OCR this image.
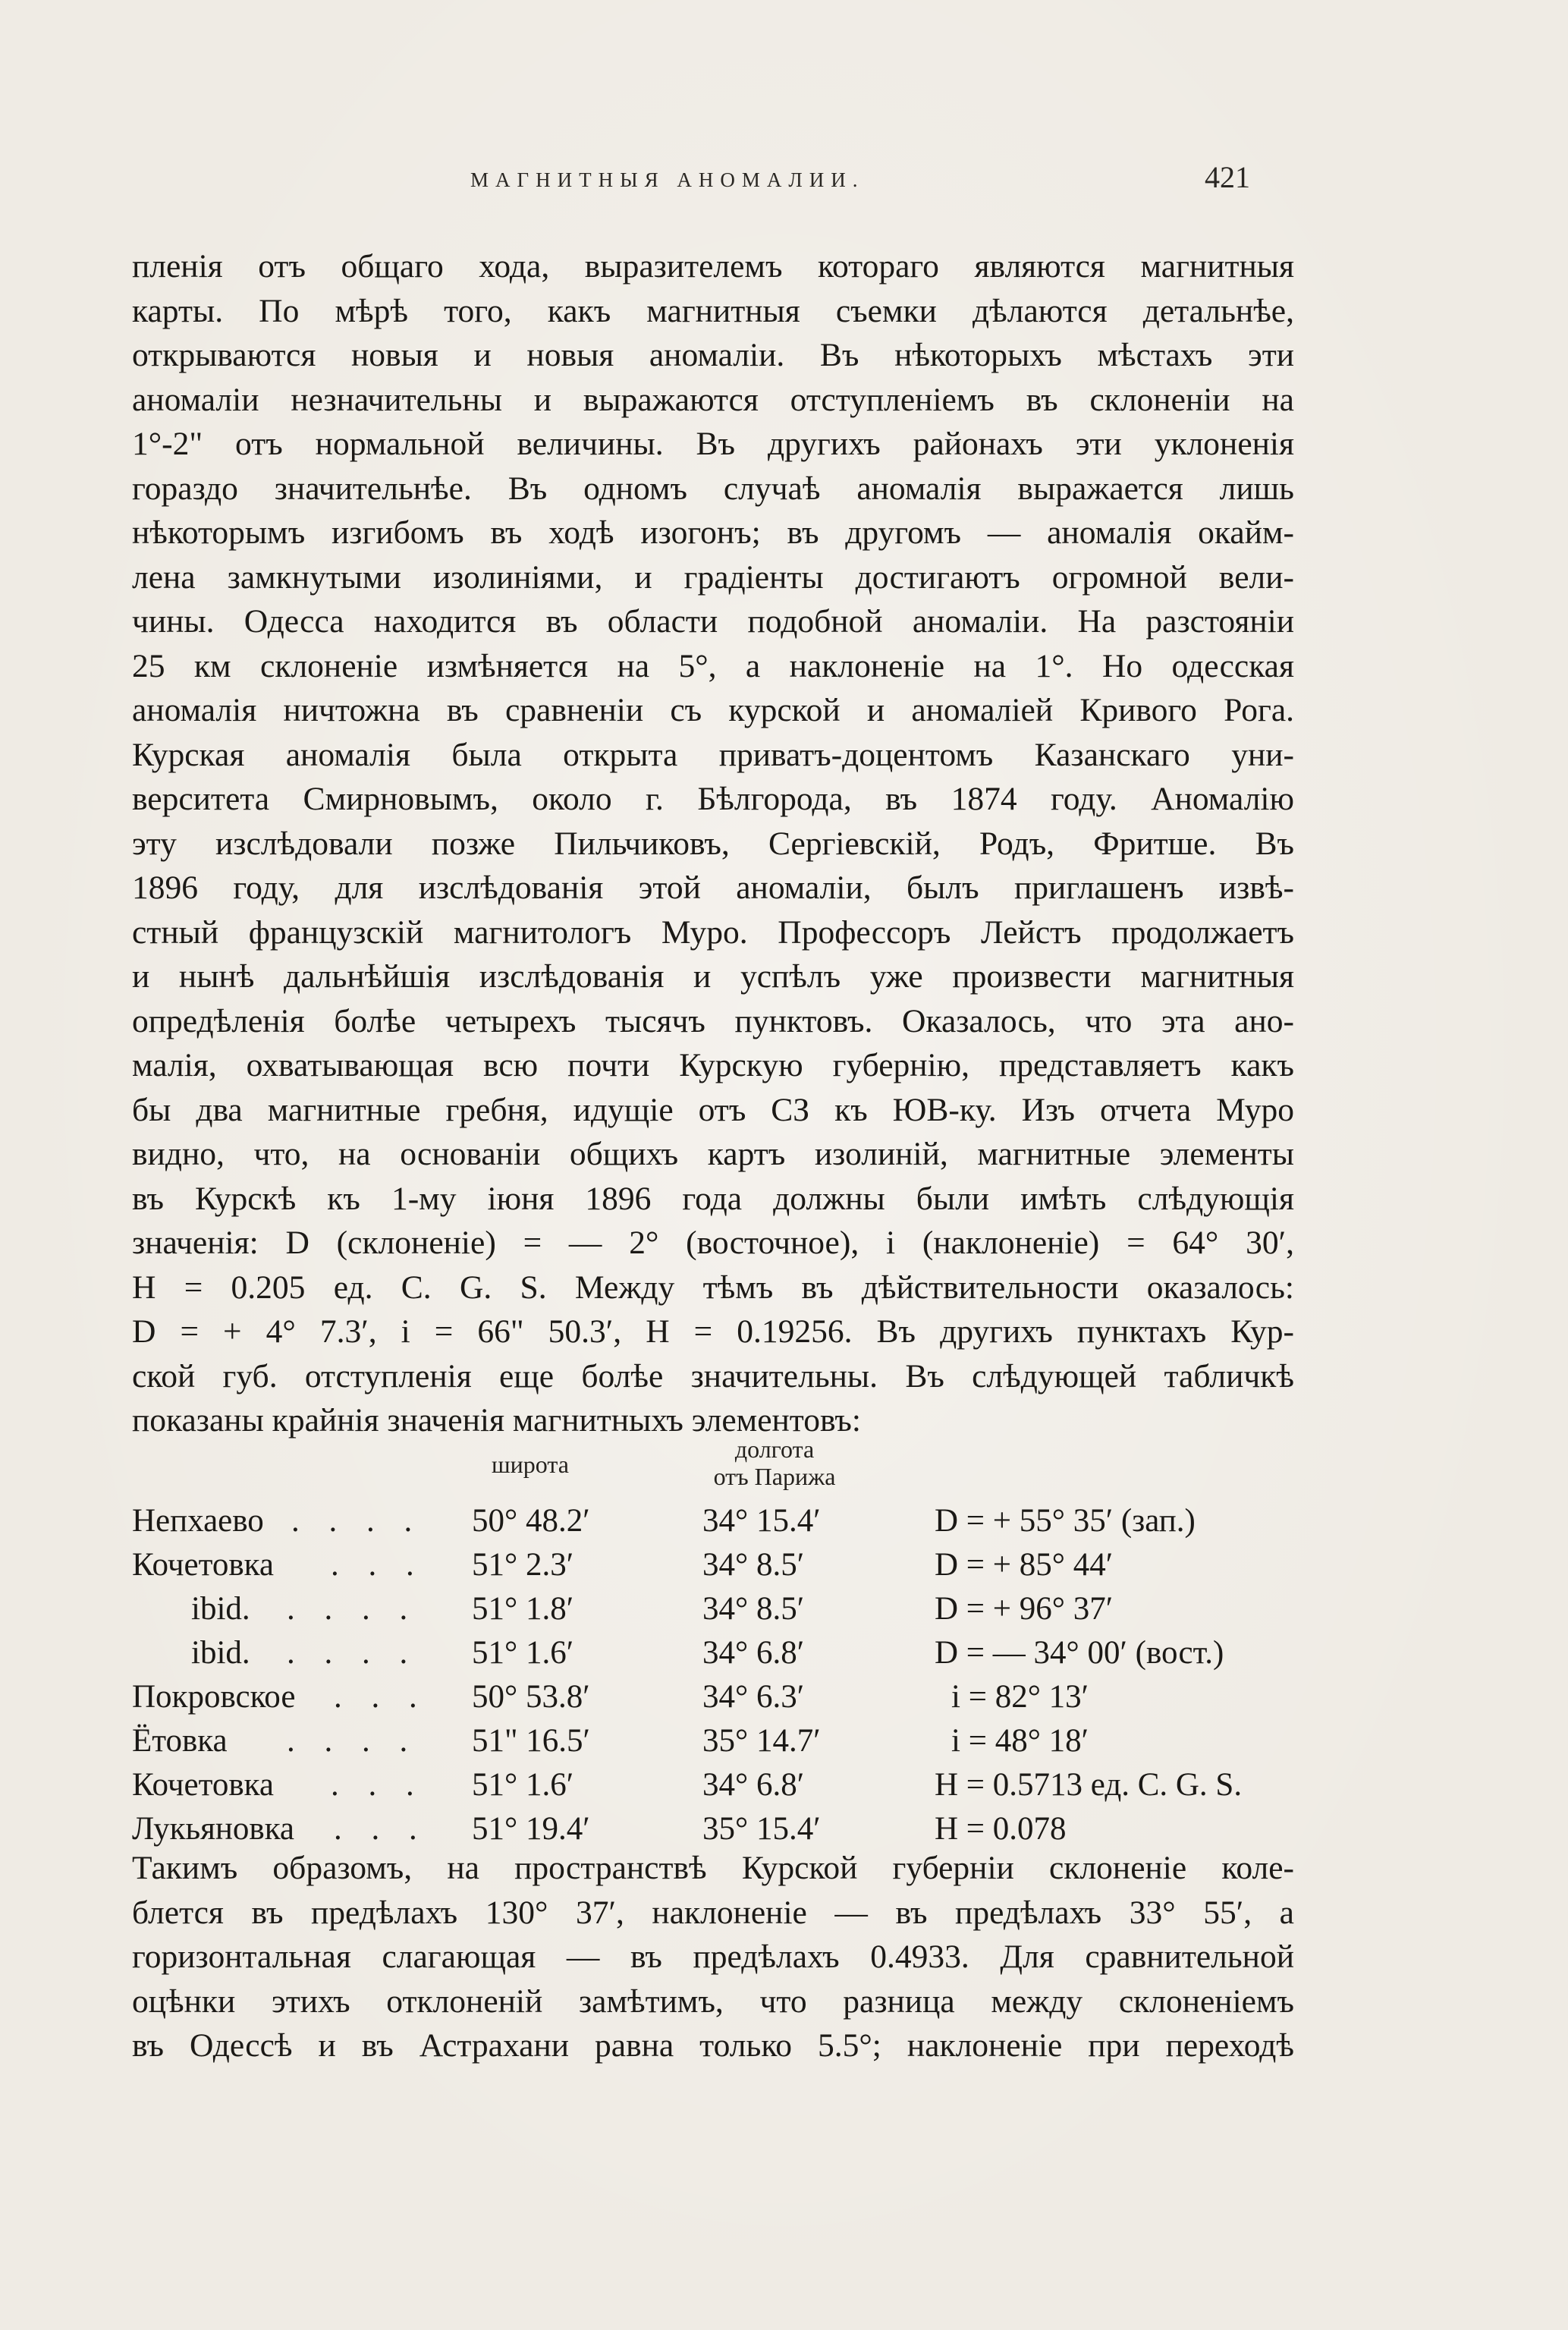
МАГНИТНЫЯ АНОМАЛИИ.	421
пленія отъ общаго хода, выразителемъ котораго являются магнитныя
карты. По мѣрѣ того, какъ магнитныя съемки дѣлаются детальнѣе,
открываются новыя и новыя аномаліи. Въ нѣкоторыхъ мѣстахъ эти
аномаліи незначительны и выражаются отступленіемъ въ склоненіи на
1°-2" отъ нормальной величины. Въ другихъ районахъ эти уклоненія
гораздо значительнѣе. Въ одномъ случаѣ аномалія выражается лишь
нѣкоторымъ изгибомъ въ ходѣ изогонъ; въ другомъ — аномалія окайм-
лена замкнутыми изолиніями, и градіенты достигаютъ огромной вели-
чины. Одесса находится въ области подобной аномаліи. На разстояніи
25 км склоненіе измѣняется на 5°, а наклоненіе на 1°. Но одесская
аномалія ничтожна въ сравненіи съ курской и аномаліей Кривого Рога.
Курская аномалія была открыта приватъ-доцентомъ Казанскаго уни-
верситета Смирновымъ, около г. Бѣлгорода, въ 1874 году. Аномалію
эту изслѣдовали позже Пильчиковъ, Сергіевскій, Родъ, Фритше. Въ
1896 году, для изслѣдованія этой аномаліи, былъ приглашенъ извѣ-
стный французскій магнитологъ Муро. Профессоръ Лейстъ продолжаетъ
и нынѣ дальнѣйшія изслѣдованія и успѣлъ уже произвести магнитныя
опредѣленія болѣе четырехъ тысячъ пунктовъ. Оказалось, что эта ано-
малія, охватывающая всю почти Курскую губернію, представляетъ какъ
бы два магнитные гребня, идущіе отъ СЗ къ ЮВ-ку. Изъ отчета Муро
видно, что, на основаніи общихъ картъ изолиній, магнитные элементы
въ Курскѣ къ 1-му іюня 1896 года должны были имѣть слѣдующія
значенія: D (склоненіе) = — 2° (восточное), i (наклоненіе) = 64° 30′,
H = 0.205 ед. C. G. S. Между тѣмъ въ дѣйствительности оказалось:
D = + 4° 7.3′, i = 66" 50.3′, H = 0.19256. Въ другихъ пунктахъ Кур-
ской губ. отступленія еще болѣе значительны. Въ слѣдующей табличкѣ
показаны крайнія значенія магнитныхъ элементовъ:
широта
долгота
отъ Парижа
Непхаево . . . . 50° 48.2′	34° 15.4′	D = + 55° 35′ (зап.)
Кочетовка . . . 51° 2.3′	34° 8.5′	D = + 85° 44′
ibid. . . . . 51° 1.8′	34° 8.5′	D = + 96° 37′
ibid. . . . . 51° 1.6′	34° 6.8′	D = — 34° 00′ (вост.)
Покровское . . . 50° 53.8′	34° 6.3′	i = 82° 13′
Ётовка . . . . 51" 16.5′	35° 14.7′	i = 48° 18′
Кочетовка . . . 51° 1.6′	34° 6.8′	H = 0.5713 ед. C. G. S.
Лукьяновка . . . 51° 19.4′	35° 15.4′	H = 0.078
Такимъ образомъ, на пространствѣ Курской губерніи склоненіе коле-
блется въ предѣлахъ 130° 37′, наклоненіе — въ предѣлахъ 33° 55′, а
горизонтальная слагающая — въ предѣлахъ 0.4933. Для сравнительной
оцѣнки этихъ отклоненій замѣтимъ, что разница между склоненіемъ
въ Одессѣ и въ Астрахани равна только 5.5°; наклоненіе при переходѣ
